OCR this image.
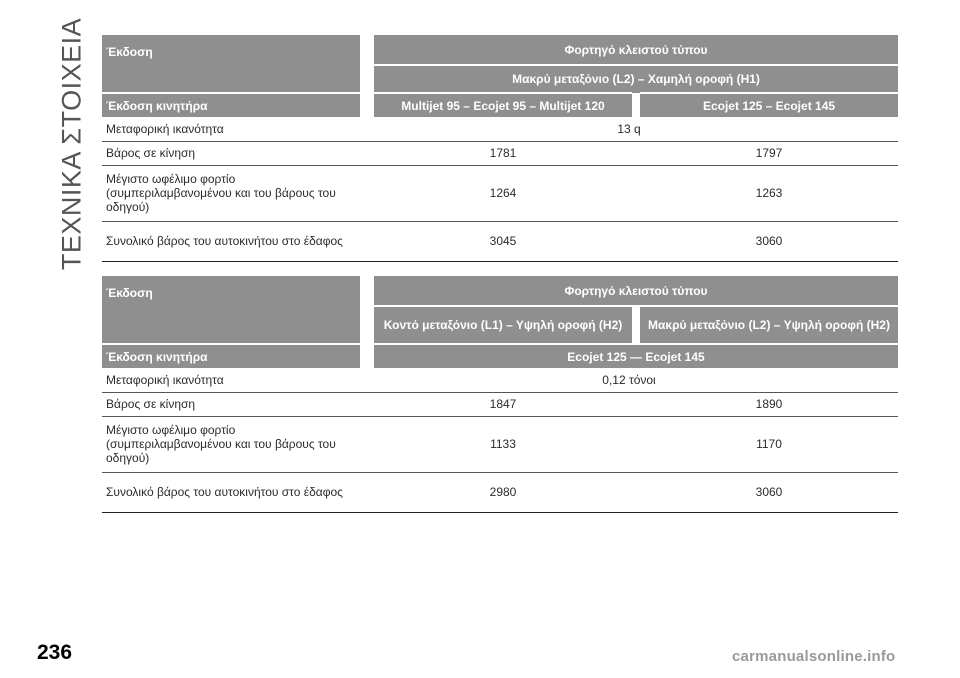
ΤΕΧΝΙΚΑ ΣΤΟΙΧΕΙΑ Έκδοση		Φορτηγό κλειστού τύπου		
		Μακρύ μεταξόνιο (L2) – Χαμηλή οροφή (H1)		
Έκδοση κινητήρα		Multijet 95 – Ecojet 95 – Multijet 120		Ecojet 125 – Ecojet 145
Μεταφορική ικανότητα	13 q			
Βάρος σε κίνηση		1781		1797
Μέγιστο ωφέλιμο φορτίο (συμπεριλαμβανομένου και του βάρους του οδηγού)		1264		1263
Συνολικό βάρος του αυτοκινήτου στο έδαφος		3045		3060
Έκδοση		Φορτηγό κλειστού τύπου		
		Κοντό μεταξόνιο (L1) – Υψηλή οροφή (H2)		Μακρύ μεταξόνιο (L2) – Υψηλή οροφή (H2)
Έκδοση κινητήρα		Ecojet 125 — Ecojet 145		
Μεταφορική ικανότητα	0,12 τόνοι			
Βάρος σε κίνηση		1847		1890
Μέγιστο ωφέλιμο φορτίο (συμπεριλαμβανομένου και του βάρους του οδηγού)		1133		1170
Συνολικό βάρος του αυτοκινήτου στο έδαφος		2980		3060
236	carmanualsonline.info
